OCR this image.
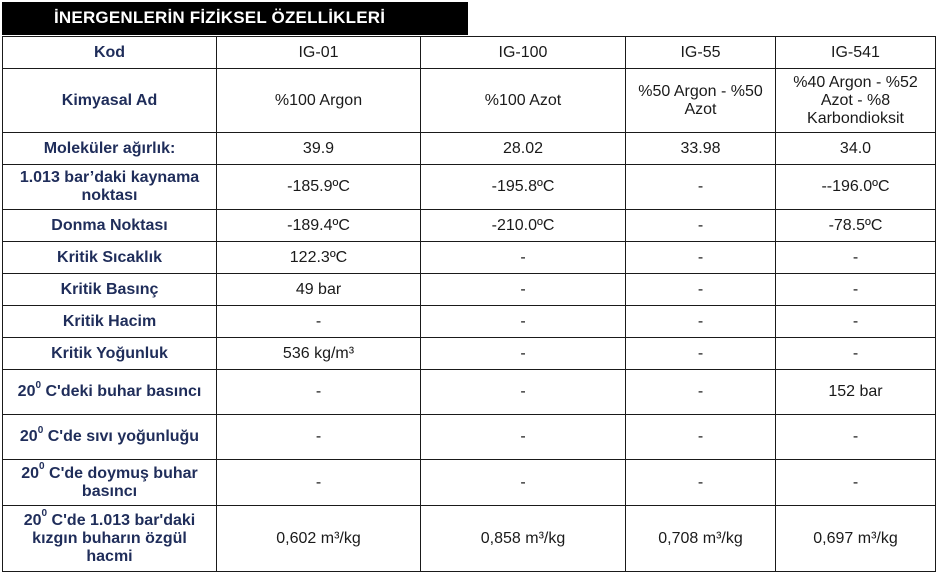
İNERGENLERİN FİZİKSEL ÖZELLİKLERİ
Kod	IG-01	IG-100	IG-55	IG-541
Kimyasal Ad	%100 Argon	%100 Azot	%50 Argon - %50 Azot	%40 Argon - %52 Azot - %8 Karbondioksit
Moleküler ağırlık:	39.9	28.02	33.98	34.0
1.013 bar’daki kaynama noktası	-185.9ºC	-195.8ºC	-	--196.0ºC
Donma Noktası	-189.4ºC	-210.0ºC	-	-78.5ºC
Kritik Sıcaklık	122.3ºC	-	-	-
Kritik Basınç	49 bar	-	-	-
Kritik Hacim	-	-	-	-
Kritik Yoğunluk	536 kg/m³	-	-	-
$20^0$ C'deki buhar basıncı	-	-	-	152 bar
$20^0$ C'de sıvı yoğunluğu	-	-	-	-
$20^0$ C'de doymuş buhar basıncı	-	-	-	-
$20^0$ C'de 1.013 bar'daki kızgın buharın özgül hacmi	0,602 m³/kg	0,858 m³/kg	0,708 m³/kg	0,697 m³/kg
